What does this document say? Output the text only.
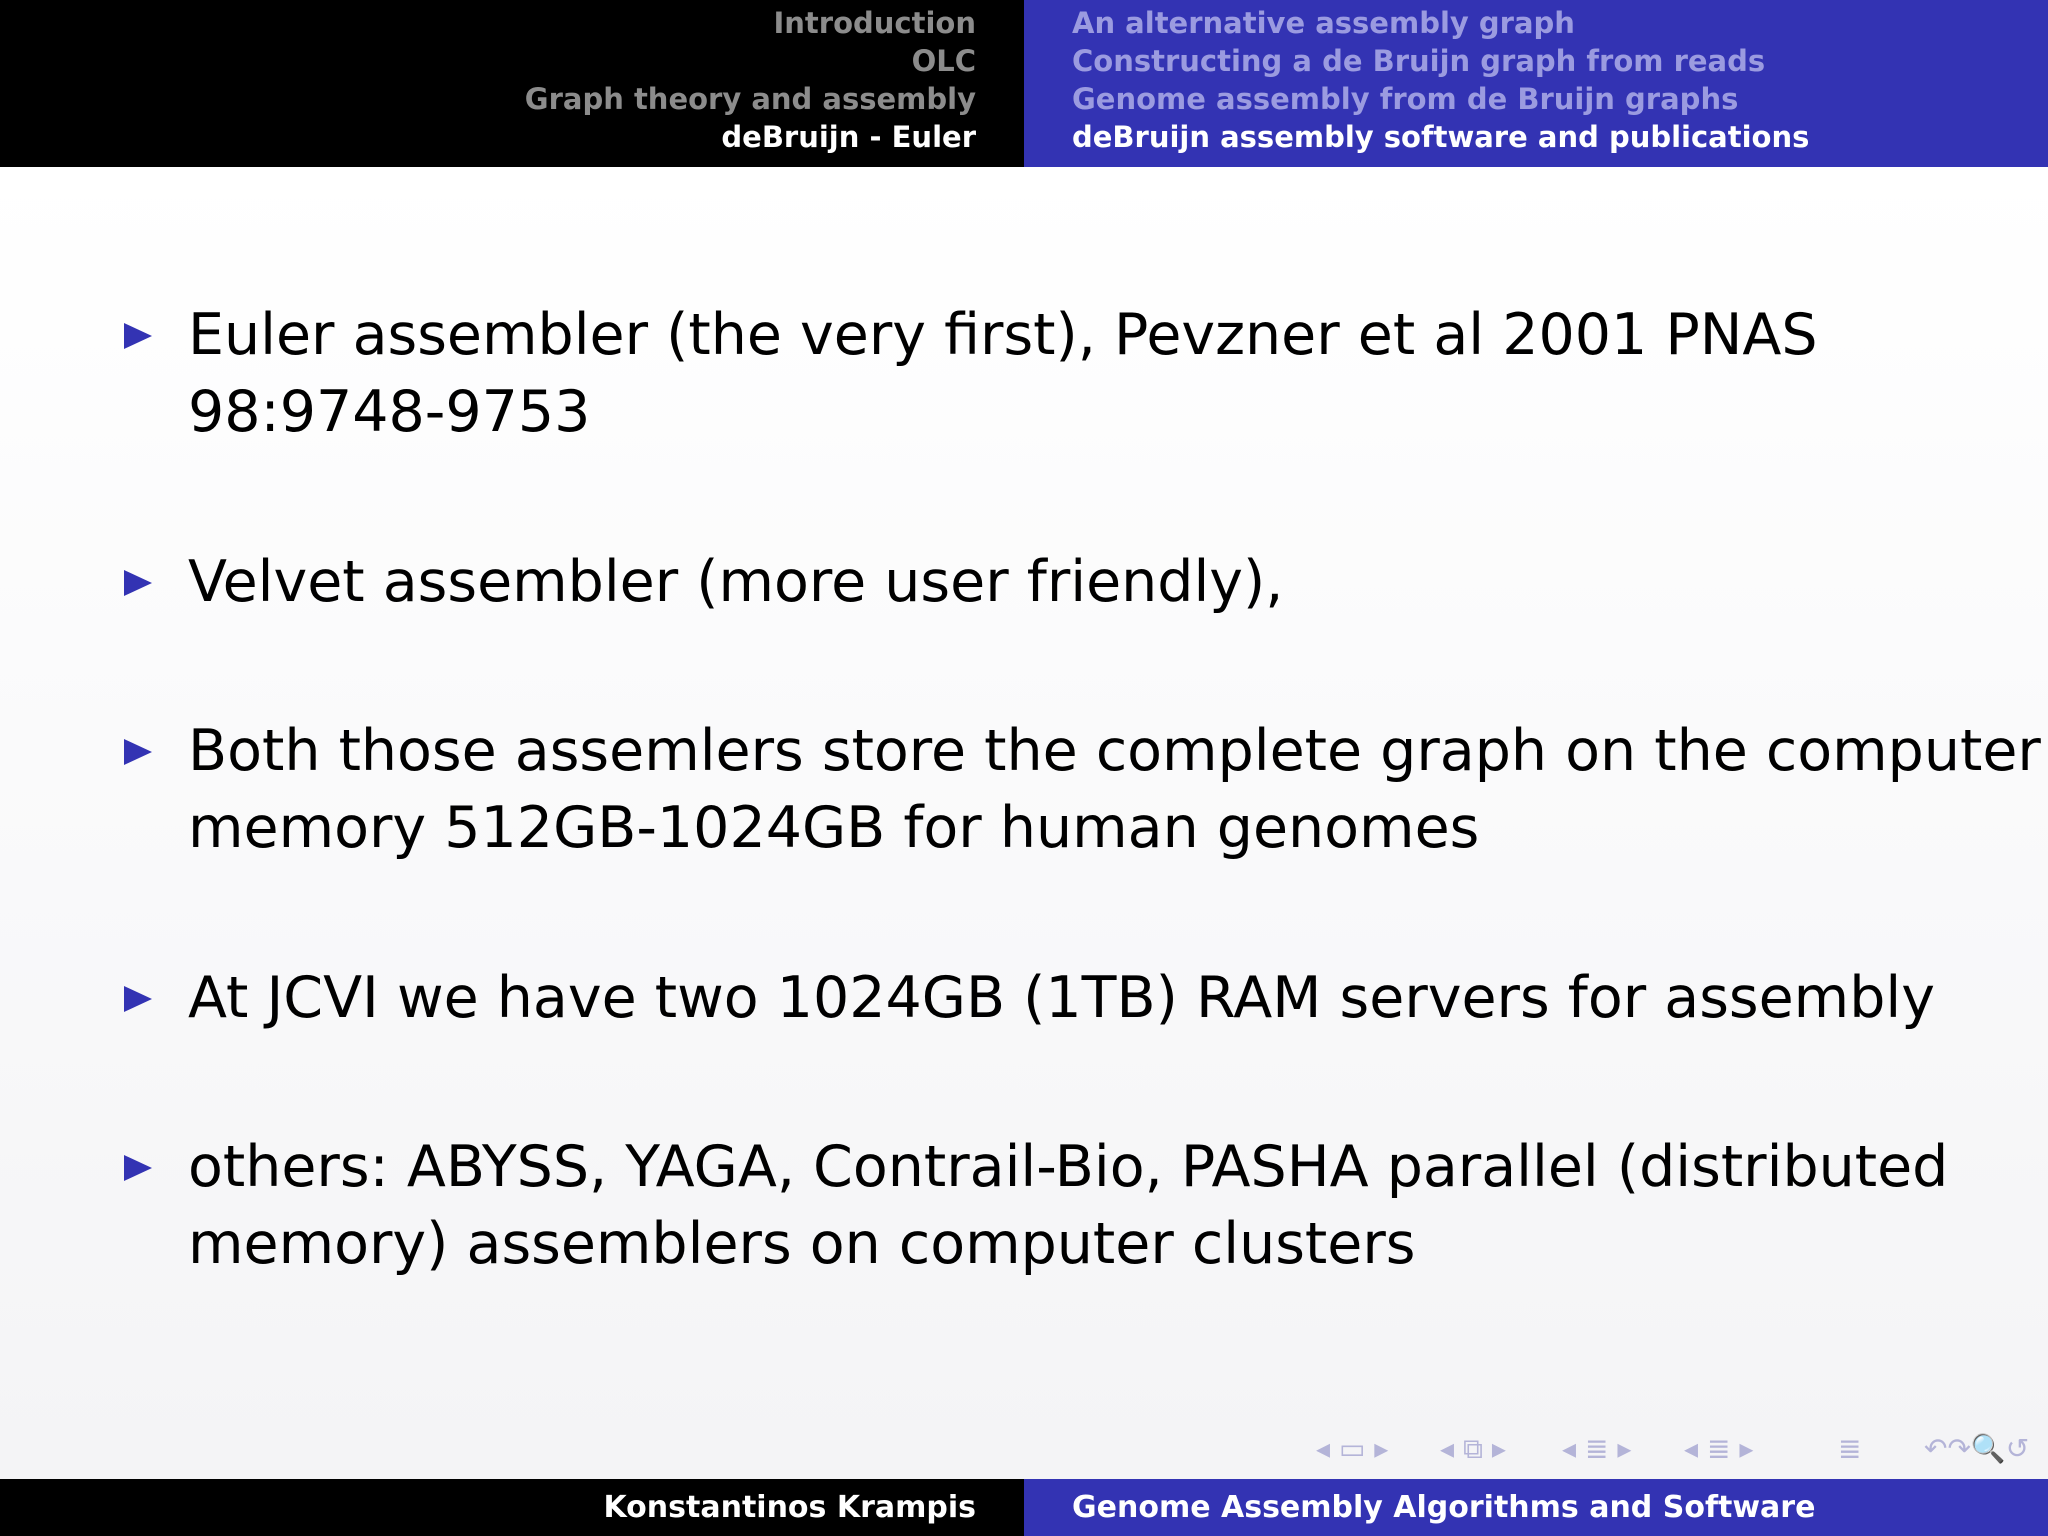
Introduction
OLC
Graph theory and assembly
deBruijn - Euler
An alternative assembly graph
Constructing a de Bruijn graph from reads
Genome assembly from de Bruijn graphs
deBruijn assembly software and publications
Euler assembler (the very first), Pevzner et al 2001 PNAS
98:9748-9753
Velvet assembler (more user friendly),
Both those assemlers store the complete graph on the computer
memory 512GB-1024GB for human genomes
At JCVI we have two 1024GB (1TB) RAM servers for assembly
others: ABYSS, YAGA, Contrail-Bio, PASHA parallel (distributed
memory) assemblers on computer clusters
◂ ▭ ▸ ◂ ⧉ ▸ ◂ ≣ ▸ ◂ ≣ ▸	≣ ↶↷🔍↺
Konstantinos Krampis	Genome Assembly Algorithms and Software
